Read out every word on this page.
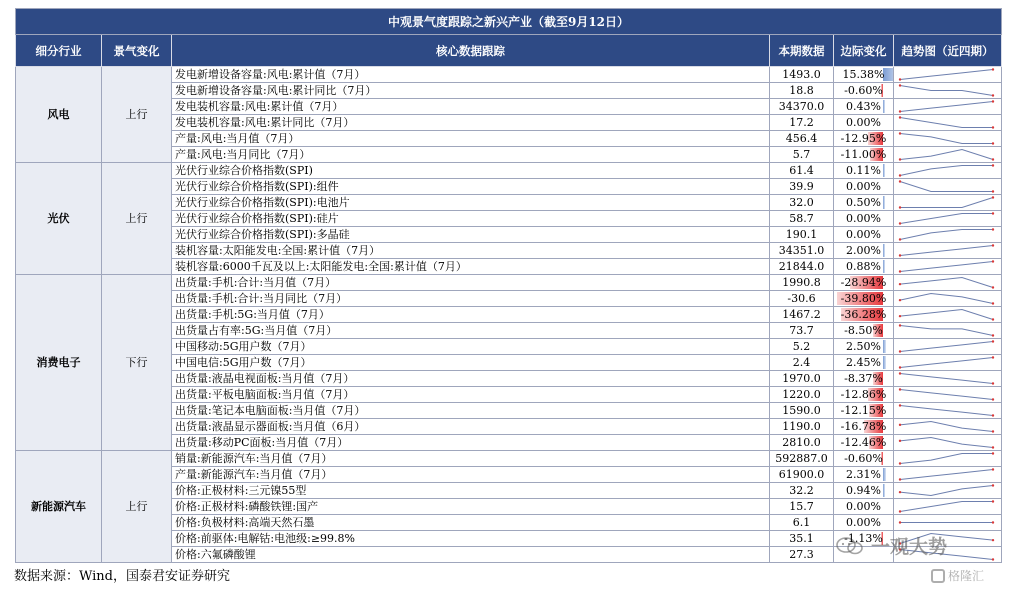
中观景气度跟踪之新兴产业（截至9月12日）					
细分行业	景气变化	核心数据跟踪	本期数据	边际变化	趋势图（近四期）
风电	上行	发电新增设备容量:风电:累计值（7月）	1493.0	15.38%	

		发电新增设备容量:风电:累计同比（7月）	18.8	-0.60%	

		发电装机容量:风电:累计值（7月）	34370.0	0.43%	

		发电装机容量:风电:累计同比（7月）	17.2	0.00%	

		产量:风电:当月值（7月）	456.4	-12.95%	

		产量:风电:当月同比（7月）	5.7	-11.00%	

光伏	上行	光伏行业综合价格指数(SPI)	61.4	0.11%	

		光伏行业综合价格指数(SPI):组件	39.9	0.00%	

		光伏行业综合价格指数(SPI):电池片	32.0	0.50%	

		光伏行业综合价格指数(SPI):硅片	58.7	0.00%	

		光伏行业综合价格指数(SPI):多晶硅	190.1	0.00%	

		装机容量:太阳能发电:全国:累计值（7月）	34351.0	2.00%	

		装机容量:6000千瓦及以上:太阳能发电:全国:累计值（7月）	21844.0	0.88%	

消费电子	下行	出货量:手机:合计:当月值（7月）	1990.8	-28.94%	

		出货量:手机:合计:当月同比（7月）	-30.6	-39.80%	

		出货量:手机:5G:当月值（7月）	1467.2	-36.28%	

		出货量占有率:5G:当月值（7月）	73.7	-8.50%	

		中国移动:5G用户数（7月）	5.2	2.50%	

		中国电信:5G用户数（7月）	2.4	2.45%	

		出货量:液晶电视面板:当月值（7月）	1970.0	-8.37%	

		出货量:平板电脑面板:当月值（7月）	1220.0	-12.86%	

		出货量:笔记本电脑面板:当月值（7月）	1590.0	-12.15%	

		出货量:液晶显示器面板:当月值（6月）	1190.0	-16.78%	

		出货量:移动PC面板:当月值（7月）	2810.0	-12.46%	

新能源汽车	上行	销量:新能源汽车:当月值（7月）	592887.0	-0.60%	

		产量:新能源汽车:当月值（7月）	61900.0	2.31%	

		价格:正极材料:三元镍55型	32.2	0.94%	

		价格:正极材料:磷酸铁锂:国产	15.7	0.00%	

		价格:负极材料:高端天然石墨	6.1	0.00%	

		价格:前驱体:电解钴:电池级:≥99.8%	35.1	-1.13%	

		价格:六氟磷酸锂	27.3		
数据来源：Wind，国泰君安证券研究
一观大势
格隆汇
